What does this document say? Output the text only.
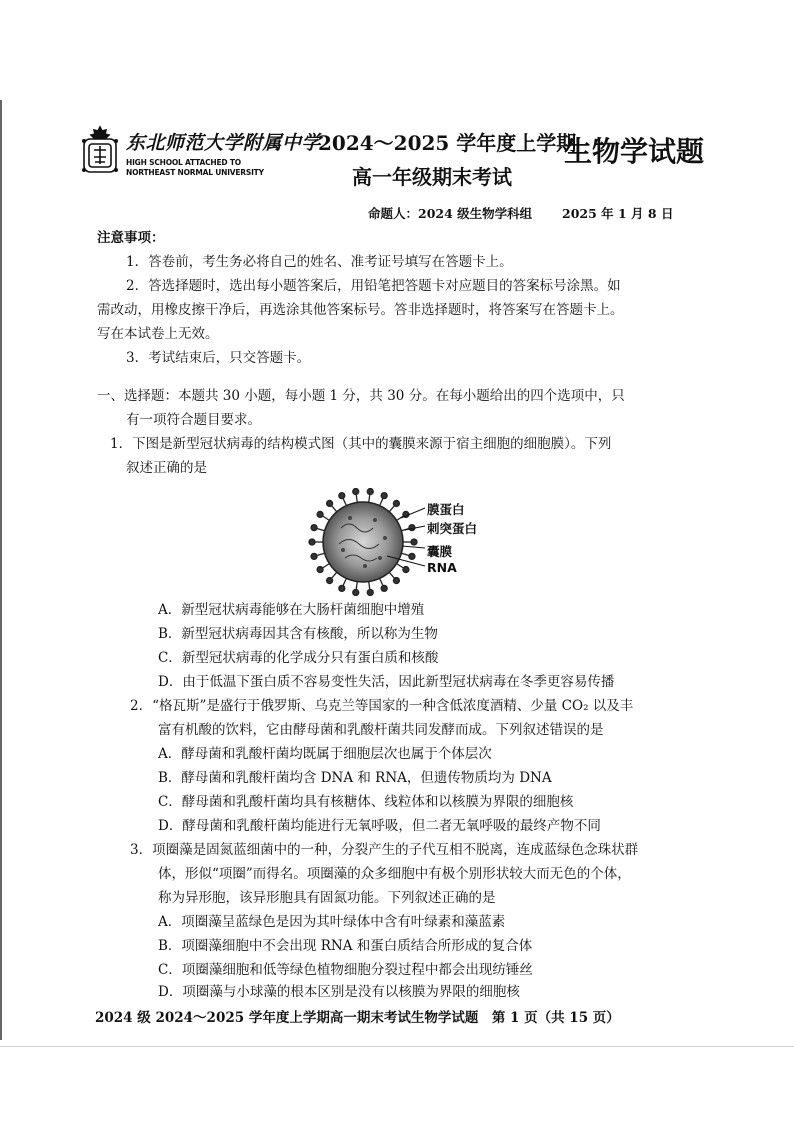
东北师范大学附属中学
HIGH SCHOOL ATTACHED TO
NORTHEAST NORMAL UNIVERSITY
2024～2025 学年度上学期
高一年级期末考试
生物学试题
命题人：2024 级生物学科组 2025 年 1 月 8 日
注意事项：
1．答卷前，考生务必将自己的姓名、准考证号填写在答题卡上。
2．答选择题时，选出每小题答案后，用铅笔把答题卡对应题目的答案标号涂黑。如
需改动，用橡皮擦干净后，再选涂其他答案标号。答非选择题时，将答案写在答题卡上。
写在本试卷上无效。
3．考试结束后，只交答题卡。
一、选择题：本题共 30 小题，每小题 1 分，共 30 分。在每小题给出的四个选项中，只
有一项符合题目要求。
1．下图是新型冠状病毒的结构模式图（其中的囊膜来源于宿主细胞的细胞膜）。下列
叙述正确的是
膜蛋白
刺突蛋白
囊膜
RNA
A．新型冠状病毒能够在大肠杆菌细胞中增殖
B．新型冠状病毒因其含有核酸，所以称为生物
C．新型冠状病毒的化学成分只有蛋白质和核酸
D．由于低温下蛋白质不容易变性失活，因此新型冠状病毒在冬季更容易传播
2．“格瓦斯”是盛行于俄罗斯、乌克兰等国家的一种含低浓度酒精、少量 CO₂ 以及丰
富有机酸的饮料，它由酵母菌和乳酸杆菌共同发酵而成。下列叙述错误的是
A．酵母菌和乳酸杆菌均既属于细胞层次也属于个体层次
B．酵母菌和乳酸杆菌均含 DNA 和 RNA，但遗传物质均为 DNA
C．酵母菌和乳酸杆菌均具有核糖体、线粒体和以核膜为界限的细胞核
D．酵母菌和乳酸杆菌均能进行无氧呼吸，但二者无氧呼吸的最终产物不同
3．项圈藻是固氮蓝细菌中的一种，分裂产生的子代互相不脱离，连成蓝绿色念珠状群
体，形似“项圈”而得名。项圈藻的众多细胞中有极个别形状较大而无色的个体，
称为异形胞，该异形胞具有固氮功能。下列叙述正确的是
A．项圈藻呈蓝绿色是因为其叶绿体中含有叶绿素和藻蓝素
B．项圈藻细胞中不会出现 RNA 和蛋白质结合所形成的复合体
C．项圈藻细胞和低等绿色植物细胞分裂过程中都会出现纺锤丝
D．项圈藻与小球藻的根本区别是没有以核膜为界限的细胞核
2024 级 2024～2025 学年度上学期高一期末考试生物学试题　第 1 页（共 15 页）
